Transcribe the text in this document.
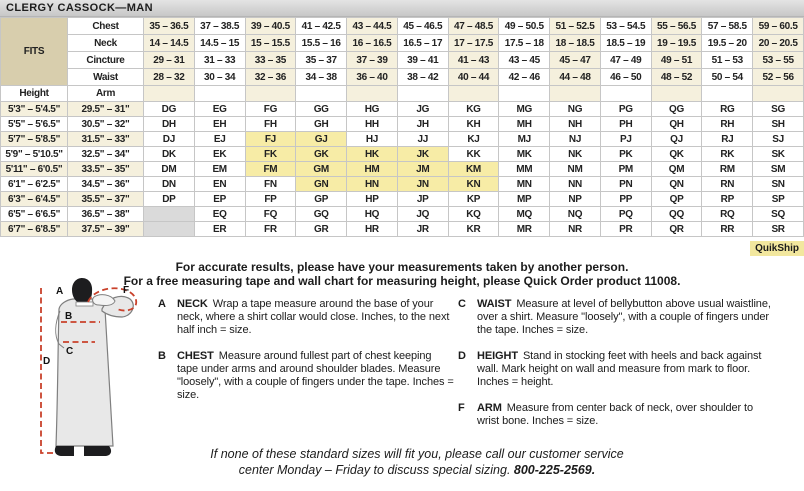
CLERGY CASSOCK—MAN
FITS	Chest	35 – 36.5	37 – 38.5	39 – 40.5	41 – 42.5	43 – 44.5	45 – 46.5	47 – 48.5	49 – 50.5	51 – 52.5	53 – 54.5	55 – 56.5	57 – 58.5	59 – 60.5
	Neck	14 – 14.5	14.5 – 15	15 – 15.5	15.5 – 16	16 – 16.5	16.5 – 17	17 – 17.5	17.5 – 18	18 – 18.5	18.5 – 19	19 – 19.5	19.5 – 20	20 – 20.5
	Cincture	29 – 31	31 – 33	33 – 35	35 – 37	37 – 39	39 – 41	41 – 43	43 – 45	45 – 47	47 – 49	49 – 51	51 – 53	53 – 55
	Waist	28 – 32	30 – 34	32 – 36	34 – 38	36 – 40	38 – 42	40 – 44	42 – 46	44 – 48	46 – 50	48 – 52	50 – 54	52 – 56
Height	Arm													
5'3" – 5'4.5"	29.5" – 31"	DG	EG	FG	GG	HG	JG	KG	MG	NG	PG	QG	RG	SG
5'5" – 5'6.5"	30.5" – 32"	DH	EH	FH	GH	HH	JH	KH	MH	NH	PH	QH	RH	SH
5'7" – 5'8.5"	31.5" – 33"	DJ	EJ	FJ	GJ	HJ	JJ	KJ	MJ	NJ	PJ	QJ	RJ	SJ
5'9" – 5'10.5"	32.5" – 34"	DK	EK	FK	GK	HK	JK	KK	MK	NK	PK	QK	RK	SK
5'11" – 6'0.5"	33.5" – 35"	DM	EM	FM	GM	HM	JM	KM	MM	NM	PM	QM	RM	SM
6'1" – 6'2.5"	34.5" – 36"	DN	EN	FN	GN	HN	JN	KN	MN	NN	PN	QN	RN	SN
6'3" – 6'4.5"	35.5" – 37"	DP	EP	FP	GP	HP	JP	KP	MP	NP	PP	QP	RP	SP
6'5" – 6'6.5"	36.5" – 38"		EQ	FQ	GQ	HQ	JQ	KQ	MQ	NQ	PQ	QQ	RQ	SQ
6'7" – 6'8.5"	37.5" – 39"		ER	FR	GR	HR	JR	KR	MR	NR	PR	QR	RR	SR
QuikShip
For accurate results, please have your measurements taken by another person.
For a free measuring tape and wall chart for measuring height, please Quick Order product 11008.
A
B
C
D
F
A NECK Wrap a tape measure around the base of your neck, where a shirt collar would close. Inches, to the next half inch = size.

B CHEST Measure around fullest part of chest keeping tape under arms and around shoulder blades. Measure "loosely", with a couple of fingers under the tape. Inches = size.

C WAIST Measure at level of bellybutton above usual waistline, over a shirt. Measure "loosely", with a couple of fingers under the tape. Inches = size.

D HEIGHT Stand in stocking feet with heels and back against wall. Mark height on wall and measure from mark to floor. Inches = height.

F ARM Measure from center back of neck, over shoulder to wrist bone. Inches = size.

If none of these standard sizes will fit you, please call our customer service
center Monday – Friday to discuss special sizing. 800-225-2569.
